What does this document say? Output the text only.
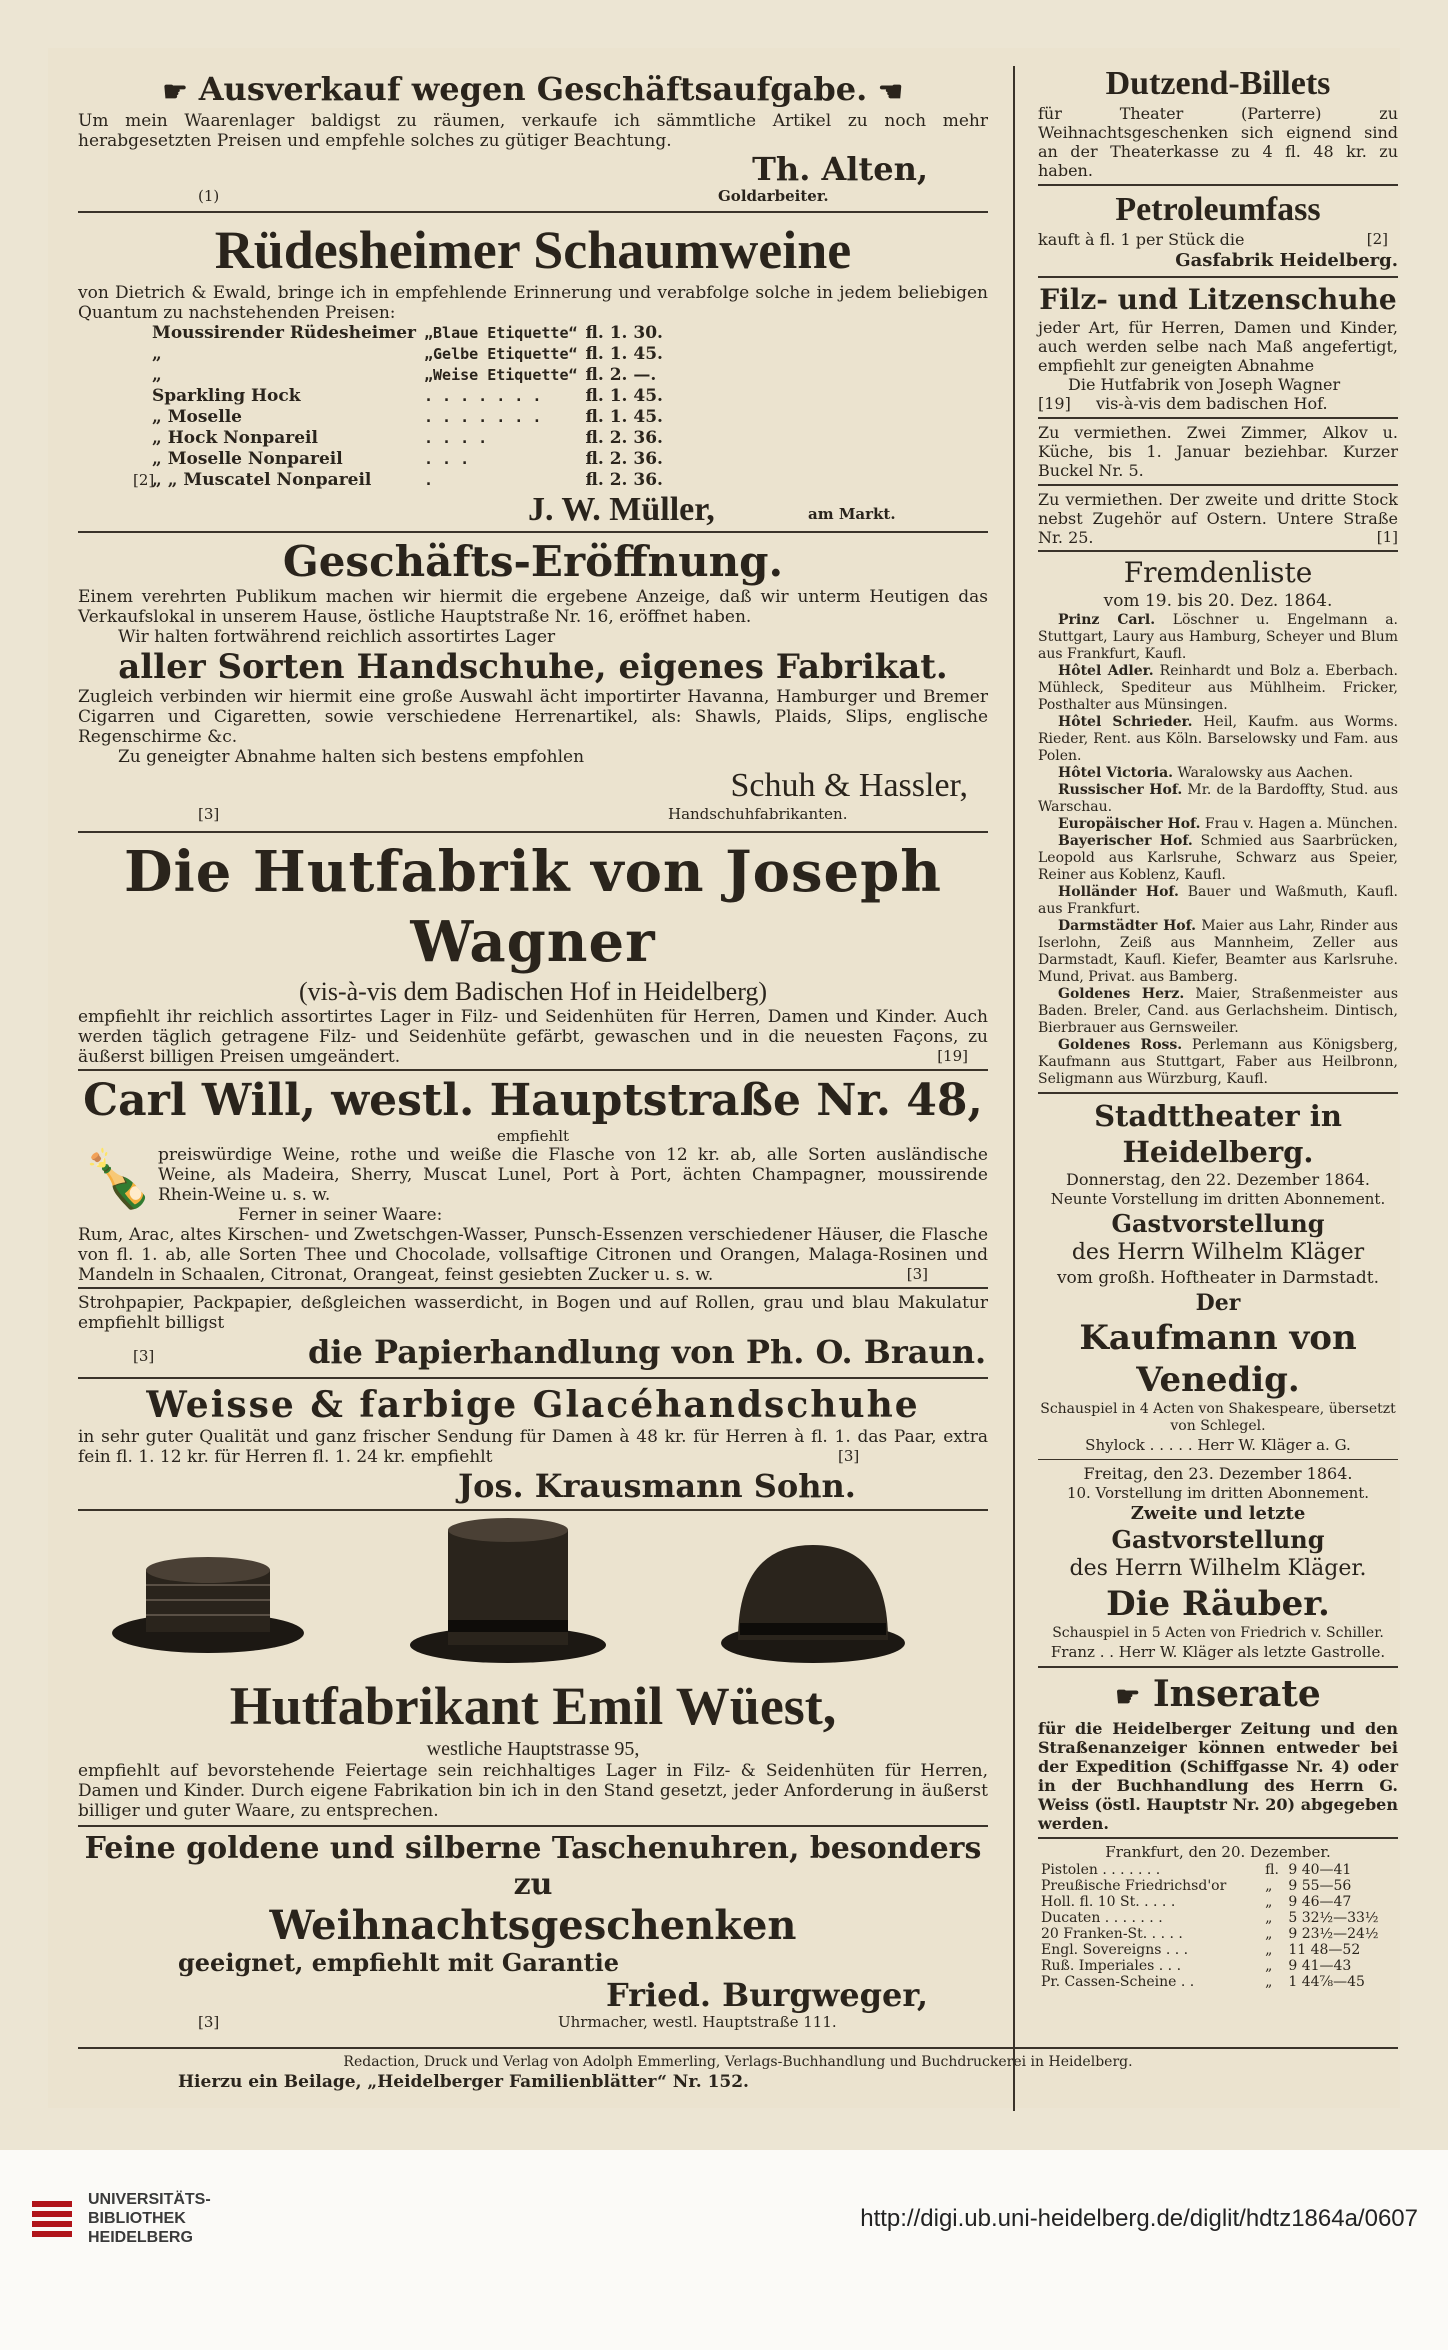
☛ Ausverkauf wegen Geschäftsaufgabe. ☛
Um mein Waarenlager baldigst zu räumen, verkaufe ich sämmtliche Artikel zu noch mehr herabgesetzten Preisen und empfehle solches zu gütiger Beachtung.
Th. Alten,
(1)	Goldarbeiter.
Rüdesheimer Schaumweine
von Dietrich & Ewald, bringe ich in empfehlende Erinnerung und verabfolge solche in jedem beliebigen Quantum zu nachstehenden Preisen:
Moussirender Rüdesheimer	„Blaue Etiquette“	fl. 1. 30.
„	„Gelbe Etiquette“	fl. 1. 45.
„	„Weise Etiquette“	fl. 2. —.
Sparkling Hock	. . . . . . .	fl. 1. 45.
„ Moselle	. . . . . . .	fl. 1. 45.
„ Hock Nonpareil	. . . .	fl. 2. 36.
„ Moselle Nonpareil	. . .	fl. 2. 36.
„ „ Muscatel Nonpareil	.	fl. 2. 36.
[2]
J. W. Müller,	am Markt.
Geschäfts-Eröffnung.
Einem verehrten Publikum machen wir hiermit die ergebene Anzeige, daß wir unterm Heutigen das Verkaufslokal in unserem Hause, östliche Hauptstraße Nr. 16, eröffnet haben.
Wir halten fortwährend reichlich assortirtes Lager
aller Sorten Handschuhe, eigenes Fabrikat.
Zugleich verbinden wir hiermit eine große Auswahl ächt importirter Havanna, Hamburger und Bremer Cigarren und Cigaretten, sowie verschiedene Herrenartikel, als: Shawls, Plaids, Slips, englische Regenschirme &c.
Zu geneigter Abnahme halten sich bestens empfohlen
Schuh & Hassler,
[3]	Handschuhfabrikanten.
Die Hutfabrik von Joseph Wagner
(vis-à-vis dem Badischen Hof in Heidelberg)
empfiehlt ihr reichlich assortirtes Lager in Filz- und Seidenhüten für Herren, Damen und Kinder. Auch werden täglich getragene Filz- und Seidenhüte gefärbt, gewaschen und in die neuesten Façons, zu äußerst billigen Preisen umgeändert.	[19]
Carl Will, westl. Hauptstraße Nr. 48,
empfiehlt
🍾 preiswürdige Weine, rothe und weiße die Flasche von 12 kr. ab, alle Sorten ausländische Weine, als Madeira, Sherry, Muscat Lunel, Port à Port, ächten Champagner, moussirende Rhein-Weine u. s. w.
Ferner in seiner Waare:
Rum, Arac, altes Kirschen- und Zwetschgen-Wasser, Punsch-Essenzen verschiedener Häuser, die Flasche von fl. 1. ab, alle Sorten Thee und Chocolade, vollsaftige Citronen und Orangen, Malaga-Rosinen und Mandeln in Schaalen, Citronat, Orangeat, feinst gesiebten Zucker u. s. w.	[3]
Strohpapier, Packpapier, deßgleichen wasserdicht, in Bogen und auf Rollen, grau und blau Makulatur empfiehlt billigst
[3]	die Papierhandlung von Ph. O. Braun.
Weisse & farbige Glacéhandschuhe
in sehr guter Qualität und ganz frischer Sendung für Damen à 48 kr. für Herren à fl. 1. das Paar, extra fein fl. 1. 12 kr. für Herren fl. 1. 24 kr. empfiehlt	[3]
Jos. Krausmann Sohn.
Hutfabrikant Emil Wüest,
westliche Hauptstrasse 95,
empfiehlt auf bevorstehende Feiertage sein reichhaltiges Lager in Filz- & Seidenhüten für Herren, Damen und Kinder. Durch eigene Fabrikation bin ich in den Stand gesetzt, jeder Anforderung in äußerst billiger und guter Waare, zu entsprechen.
Feine goldene und silberne Taschenuhren, besonders zu
Weihnachtsgeschenken
geeignet, empfiehlt mit Garantie
Fried. Burgweger,
[3]	Uhrmacher, westl. Hauptstraße 111.
Dutzend-Billets
für Theater (Parterre) zu Weihnachtsgeschenken sich eignend sind an der Theaterkasse zu 4 fl. 48 kr. zu haben.
Petroleumfass
kauft à fl. 1 per Stück die	[2]
Gasfabrik Heidelberg.
Filz- und Litzenschuhe
jeder Art, für Herren, Damen und Kinder, auch werden selbe nach Maß angefertigt, empfiehlt zur geneigten Abnahme
Die Hutfabrik von Joseph Wagner
[19] vis-à-vis dem badischen Hof.
Zu vermiethen. Zwei Zimmer, Alkov u. Küche, bis 1. Januar beziehbar. Kurzer Buckel Nr. 5.
Zu vermiethen. Der zweite und dritte Stock nebst Zugehör auf Ostern. Untere Straße Nr. 25.	[1]
Fremdenliste
vom 19. bis 20. Dez. 1864.
Prinz Carl. Löschner u. Engelmann a. Stuttgart, Laury aus Hamburg, Scheyer und Blum aus Frankfurt, Kaufl.
Hôtel Adler. Reinhardt und Bolz a. Eberbach. Mühleck, Spediteur aus Mühlheim. Fricker, Posthalter aus Münsingen.
Hôtel Schrieder. Heil, Kaufm. aus Worms. Rieder, Rent. aus Köln. Barselowsky und Fam. aus Polen.
Hôtel Victoria. Waralowsky aus Aachen.
Russischer Hof. Mr. de la Bardoffty, Stud. aus Warschau.
Europäischer Hof. Frau v. Hagen a. München.
Bayerischer Hof. Schmied aus Saarbrücken, Leopold aus Karlsruhe, Schwarz aus Speier, Reiner aus Koblenz, Kaufl.
Holländer Hof. Bauer und Waßmuth, Kaufl. aus Frankfurt.
Darmstädter Hof. Maier aus Lahr, Rinder aus Iserlohn, Zeiß aus Mannheim, Zeller aus Darmstadt, Kaufl. Kiefer, Beamter aus Karlsruhe. Mund, Privat. aus Bamberg.
Goldenes Herz. Maier, Straßenmeister aus Baden. Breler, Cand. aus Gerlachsheim. Dintisch, Bierbrauer aus Gernsweiler.
Goldenes Ross. Perlemann aus Königsberg, Kaufmann aus Stuttgart, Faber aus Heilbronn, Seligmann aus Würzburg, Kaufl.
Stadttheater in Heidelberg.
Donnerstag, den 22. Dezember 1864.
Neunte Vorstellung im dritten Abonnement.
Gastvorstellung
des Herrn Wilhelm Kläger
vom großh. Hoftheater in Darmstadt.
Der
Kaufmann von Venedig.
Schauspiel in 4 Acten von Shakespeare, übersetzt von Schlegel.
Shylock . . . . . Herr W. Kläger a. G.
Freitag, den 23. Dezember 1864.
10. Vorstellung im dritten Abonnement.
Zweite und letzte
Gastvorstellung
des Herrn Wilhelm Kläger.
Die Räuber.
Schauspiel in 5 Acten von Friedrich v. Schiller.
Franz . . Herr W. Kläger als letzte Gastrolle.
☛ Inserate
für die Heidelberger Zeitung und den Straßenanzeiger können entweder bei der Expedition (Schiffgasse Nr. 4) oder in der Buchhandlung des Herrn G. Weiss (östl. Hauptstr Nr. 20) abgegeben werden.
Frankfurt, den 20. Dezember.
Pistolen . . . . . . .	fl.	9 40—41
Preußische Friedrichsd'or	„	9 55—56
Holl. fl. 10 St. . . . .	„	9 46—47
Ducaten . . . . . . .	„	5 32½—33½
20 Franken-St. . . . .	„	9 23½—24½
Engl. Sovereigns . . .	„	11 48—52
Ruß. Imperiales . . .	„	9 41—43
Pr. Cassen-Scheine . .	„	1 44⅞—45
Redaction, Druck und Verlag von Adolph Emmerling, Verlags-Buchhandlung und Buchdruckerei in Heidelberg.
Hierzu ein Beilage, „Heidelberger Familienblätter“ Nr. 152.
UNIVERSITÄTS-
BIBLIOTHEK
HEIDELBERG
http://digi.ub.uni-heidelberg.de/diglit/hdtz1864a/0607
